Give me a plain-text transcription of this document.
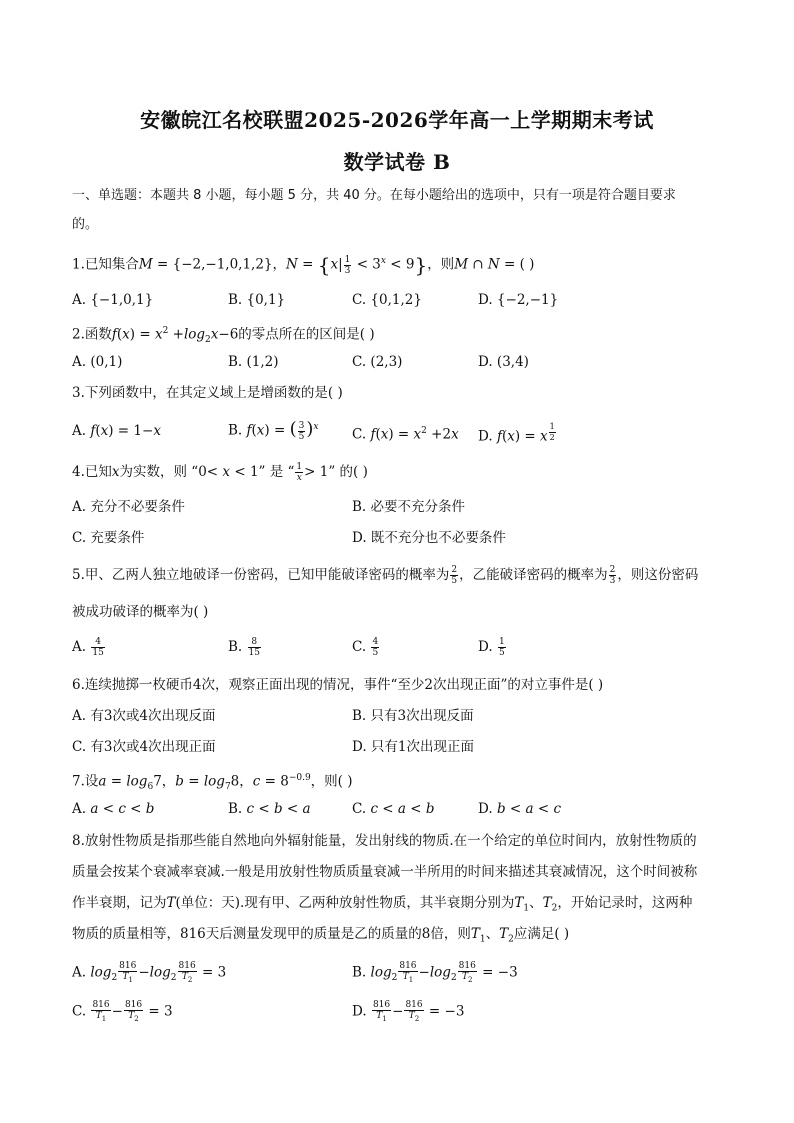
安徽皖江名校联盟2025-2026学年高一上学期期末考试
数学试卷 B
一、单选题：本题共 8 小题，每小题 5 分，共 40 分。在每小题给出的选项中，只有一项是符合题目要求
的。
1.已知集合M = {−2,−1,0,1,2}，$N = \{x| \frac{1}{3} < 3^x < 9\}$，则M ∩ N = ( )
A. {−1,0,1}	B. {0,1}	C. {0,1,2}	D. {−2,−1}
2.函数$f(x) = x^2 +\log_2x-6$的零点所在的区间是( )
A. (0,1)	B. (1,2)	C. (2,3)	D. (3,4)
3.下列函数中，在其定义域上是增函数的是( )
A. f(x) = 1−x	B. f(x) = ( $\frac{3}{5} )^x$ C. $f(x) = x^2 +2x$ D. f(x) = x $^{\frac{1}{2}}$
4.已知x为实数，则 “0< x < 1” 是 “ $\frac{1}{x} > 1$” 的( )
A. 充分不必要条件	B. 必要不充分条件
C. 充要条件	D. 既不充分也不必要条件
5.甲、乙两人独立地破译一份密码，已知甲能破译密码的概率为 $\frac{2}{5}$ ，乙能破译密码的概率为 $\frac{2}{3}$ ，则这份密码
被成功破译的概率为( )
A. $\frac{4}{15}$	B. $\frac{8}{15}$	C. $\frac{4}{5}$	D. $\frac{1}{5}$
6.连续抛掷一枚硬币4次，观察正面出现的情况，事件“至少2次出现正面”的对立事件是( )
A. 有3次或4次出现反面	B. 只有3次出现反面
C. 有3次或4次出现正面	D. 只有1次出现正面
7.设$a = \log_67$，$b = \log_78$，$c = 8^{-0.9}$，则( )
A. a < c < b	B. c < b < a	C. c < a < b	D. b < a < c
8.放射性物质是指那些能自然地向外辐射能量，发出射线的物质.在一个给定的单位时间内，放射性物质的
质量会按某个衰减率衰减.一般是用放射性物质质量衰减一半所用的时间来描述其衰减情况，这个时间被称
作半衰期，记为T(单位：天).现有甲、乙两种放射性物质，其半衰期分别为$T_1$、$T_2$，开始记录时，这两种
物质的质量相等，816天后测量发现甲的质量是乙的质量的8倍，则$T_1$、$T_2$应满足( )
A. $\log_2 \frac{816}{T_1} -\log_2 \frac{816}{T_2} = 3$	B. $\log_2 \frac{816}{T_1} -\log_2 \frac{816}{T_2} = -3$
C. $\frac{816}{T_1} - \frac{816}{T_2} = 3$	D. $\frac{816}{T_1} - \frac{816}{T_2} = -3$
